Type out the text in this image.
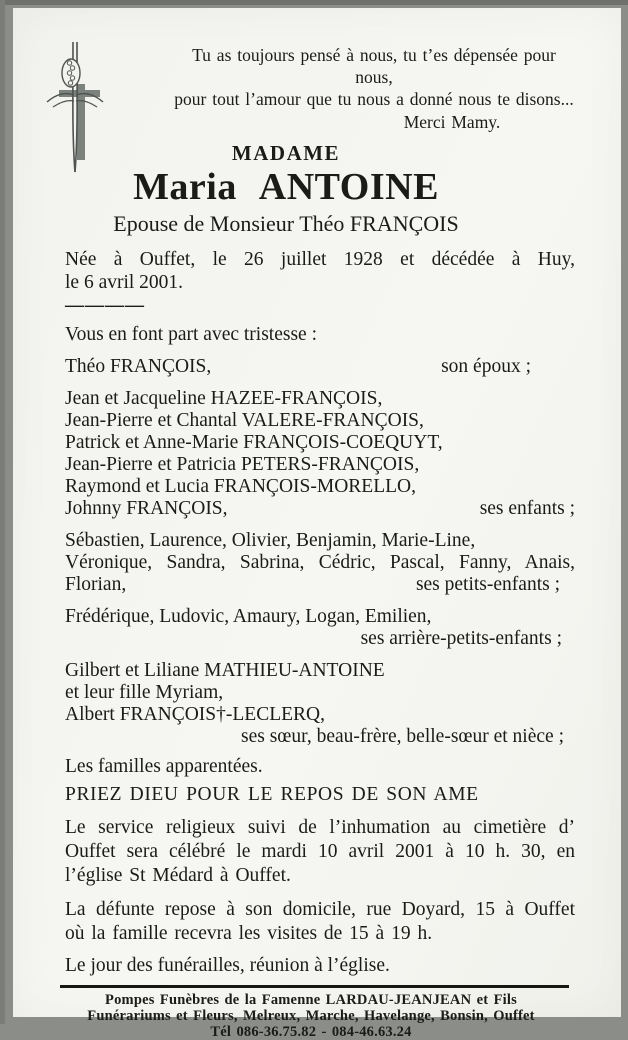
Tu as toujours pensé à nous, tu t’es dépensée pour nous,
pour tout l’amour que tu nous a donné nous te disons...
Merci Mamy.
MADAME
Maria ANTOINE
Epouse de Monsieur Théo FRANÇOIS
Née à Ouffet, le 26 juillet 1928 et décédée à Huy,
le 6 avril 2001.
————
Vous en font part avec tristesse :
Théo FRANÇOIS,	son époux ;
Jean et Jacqueline HAZEE-FRANÇOIS,
Jean-Pierre et Chantal VALERE-FRANÇOIS,
Patrick et Anne-Marie FRANÇOIS-COEQUYT,
Jean-Pierre et Patricia PETERS-FRANÇOIS,
Raymond et Lucia FRANÇOIS-MORELLO,
Johnny FRANÇOIS,	ses enfants ;
Sébastien, Laurence, Olivier, Benjamin, Marie-Line,
Véronique, Sandra, Sabrina, Cédric, Pascal, Fanny, Anais,
Florian,	ses petits-enfants ;
Frédérique, Ludovic, Amaury, Logan, Emilien,
ses arrière-petits-enfants ;
Gilbert et Liliane MATHIEU-ANTOINE
et leur fille Myriam,
Albert FRANÇOIS†-LECLERQ,
ses sœur, beau-frère, belle-sœur et nièce ;
Les familles apparentées.
PRIEZ DIEU POUR LE REPOS DE SON AME
Le service religieux suivi de l’inhumation au cimetière d’
Ouffet sera célébré le mardi 10 avril 2001 à 10 h. 30, en
l’église St Médard à Ouffet.
La défunte repose à son domicile, rue Doyard, 15 à Ouffet
où la famille recevra les visites de 15 à 19 h.
Le jour des funérailles, réunion à l’église.
Pompes Funèbres de la Famenne LARDAU-JEANJEAN et Fils
Funérariums et Fleurs, Melreux, Marche, Havelange, Bonsin, Ouffet
Tél 086-36.75.82 - 084-46.63.24
